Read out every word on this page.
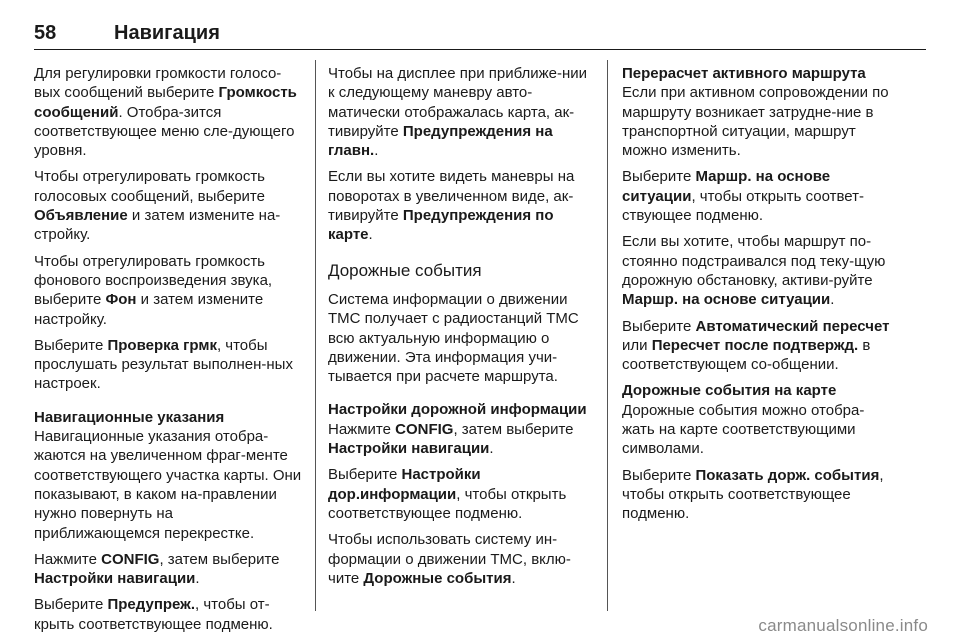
58	Навигация

Для регулировки громкости голосо-вых сообщений выберите Громкость сообщений. Отобра-зится соответствующее меню сле-дующего уровня.

Чтобы отрегулировать громкость голосовых сообщений, выберите Объявление и затем измените на-стройку.

Чтобы отрегулировать громкость фонового воспроизведения звука, выберите Фон и затем измените настройку.

Выберите Проверка грмк, чтобы прослушать результат выполнен-ных настроек.

Навигационные указания

Навигационные указания отобра-жаются на увеличенном фраг-менте соответствующего участка карты. Они показывают, в каком на-правлении нужно повернуть на приближающемся перекрестке.

Нажмите CONFIG, затем выберите Настройки навигации.

Выберите Предупреж., чтобы от-крыть соответствующее подменю.

Чтобы на дисплее при приближе-нии к следующему маневру авто-матически отображалась карта, ак-тивируйте Предупреждения на главн..

Если вы хотите видеть маневры на поворотах в увеличенном виде, ак-тивируйте Предупреждения по карте.

Дорожные события

Система информации о движении TMC получает с радиостанций TMC всю актуальную информацию о движении. Эта информация учи-тывается при расчете маршрута.

Настройки дорожной информации

Нажмите CONFIG, затем выберите Настройки навигации.

Выберите Настройки дор.информации, чтобы открыть соответствующее подменю.

Чтобы использовать систему ин-формации о движении TMC, вклю-чите Дорожные события.

Перерасчет активного маршрута

Если при активном сопровождении по маршруту возникает затрудне-ние в транспортной ситуации, маршрут можно изменить.

Выберите Маршр. на основе ситуации, чтобы открыть соответ-ствующее подменю.

Если вы хотите, чтобы маршрут по-стоянно подстраивался под теку-щую дорожную обстановку, активи-руйте Маршр. на основе ситуации.

Выберите Автоматический пересчет или Пересчет после подтвержд. в соответствующем со-общении.

Дорожные события на карте

Дорожные события можно отобра-жать на карте соответствующими символами.

Выберите Показать дорж. события, чтобы открыть соответствующее подменю.

carmanualsonline.info
